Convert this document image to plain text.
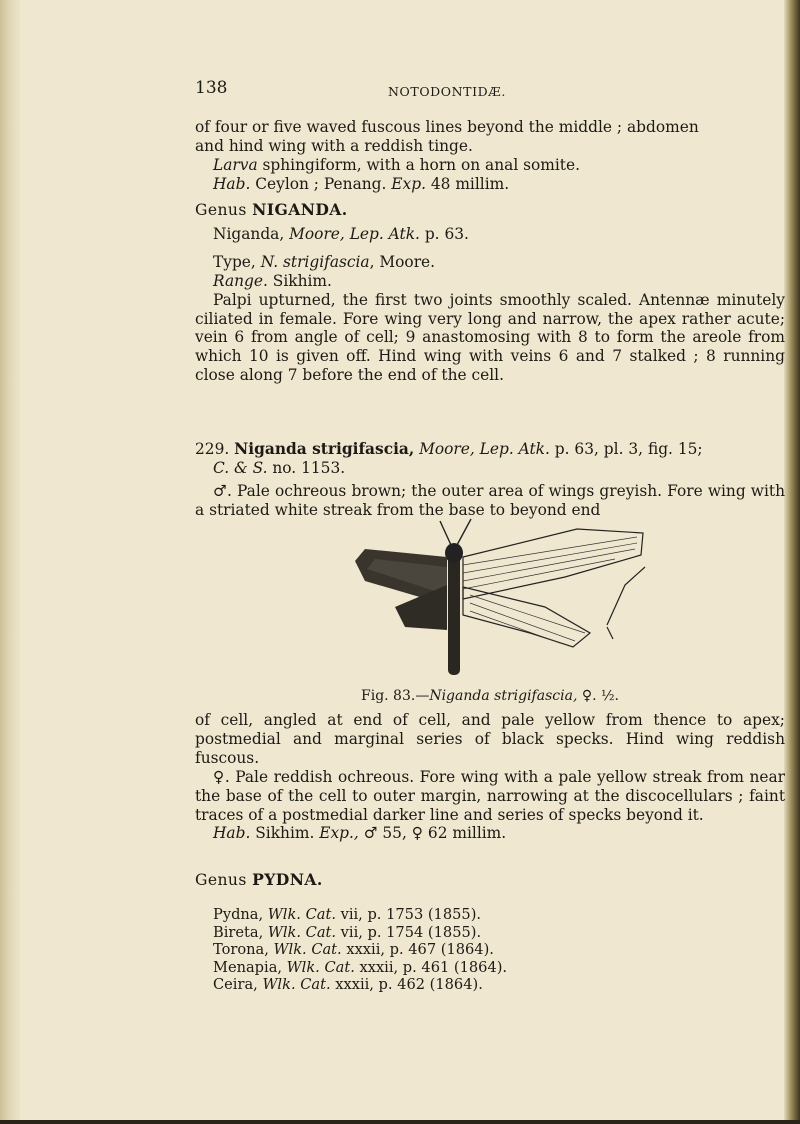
138	NOTODONTIDÆ.

of four or five waved fuscous lines beyond the middle ; abdomen

and hind wing with a reddish tinge.

Larva sphingiform, with a horn on anal somite.

Hab. Ceylon ; Penang. Exp. 48 millim.

Genus NIGANDA.

Niganda, Moore, Lep. Atk. p. 63.

Type, N. strigifascia, Moore.

Range. Sikhim.

Palpi upturned, the first two joints smoothly scaled. Antennæ minutely ciliated in female. Fore wing very long and narrow, the apex rather acute; vein 6 from angle of cell; 9 anastomosing with 8 to form the areole from which 10 is given off. Hind wing with veins 6 and 7 stalked ; 8 running close along 7 before the end of the cell.

229. Niganda strigifascia, Moore, Lep. Atk. p. 63, pl. 3, fig. 15;
C. & S. no. 1153.

♂. Pale ochreous brown; the outer area of wings greyish. Fore wing with a striated white streak from the base to beyond end

Fig. 83.—Niganda strigifascia, ♀. ½.

of cell, angled at end of cell, and pale yellow from thence to apex; postmedial and marginal series of black specks. Hind wing reddish fuscous.

♀. Pale reddish ochreous. Fore wing with a pale yellow streak from near the base of the cell to outer margin, narrowing at the discocellulars ; faint traces of a postmedial darker line and series of specks beyond it.

Hab. Sikhim. Exp., ♂ 55, ♀ 62 millim.

Genus PYDNA.

Pydna, Wlk. Cat. vii, p. 1753 (1855).

Bireta, Wlk. Cat. vii, p. 1754 (1855).

Torona, Wlk. Cat. xxxii, p. 467 (1864).

Menapia, Wlk. Cat. xxxii, p. 461 (1864).

Ceira, Wlk. Cat. xxxii, p. 462 (1864).
